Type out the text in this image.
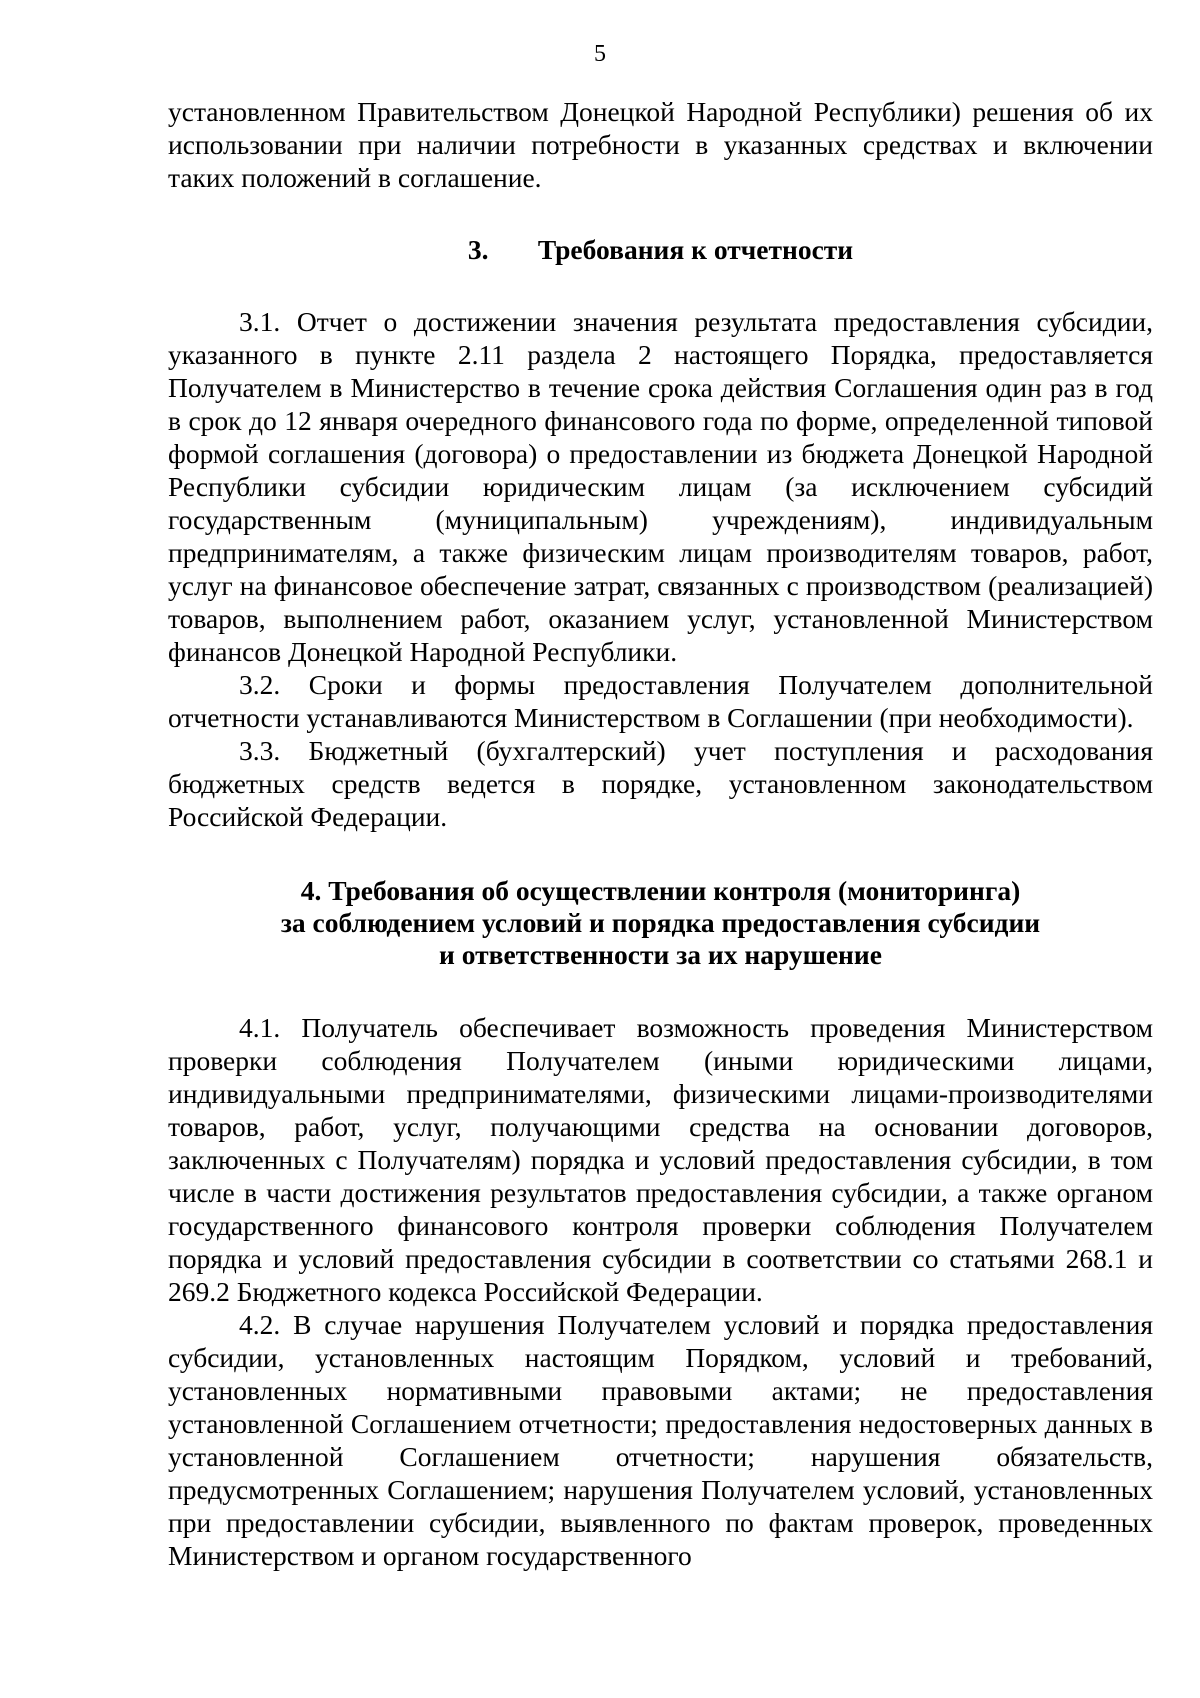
5

установленном Правительством Донецкой Народной Республики) решения об их использовании при наличии потребности в указанных средствах и включении таких положений в соглашение.

3. Требования к отчетности

3.1. Отчет о достижении значения результата предоставления субсидии, указанного в пункте 2.11 раздела 2 настоящего Порядка, предоставляется Получателем в Министерство в течение срока действия Соглашения один раз в год в срок до 12 января очередного финансового года по форме, определенной типовой формой соглашения (договора) о предоставлении из бюджета Донецкой Народной Республики субсидии юридическим лицам (за исключением субсидий государственным (муниципальным) учреждениям), индивидуальным предпринимателям, а также физическим лицам производителям товаров, работ, услуг на финансовое обеспечение затрат, связанных с производством (реализацией) товаров, выполнением работ, оказанием услуг, установленной Министерством финансов Донецкой Народной Республики.

3.2. Сроки и формы предоставления Получателем дополнительной отчетности устанавливаются Министерством в Соглашении (при необходимости).

3.3. Бюджетный (бухгалтерский) учет поступления и расходования бюджетных средств ведется в порядке, установленном законодательством Российской Федерации.

4. Требования об осуществлении контроля (мониторинга)
за соблюдением условий и порядка предоставления субсидии
и ответственности за их нарушение

4.1. Получатель обеспечивает возможность проведения Министерством проверки соблюдения Получателем (иными юридическими лицами, индивидуальными предпринимателями, физическими лицами-производителями товаров, работ, услуг, получающими средства на основании договоров, заключенных с Получателям) порядка и условий предоставления субсидии, в том числе в части достижения результатов предоставления субсидии, а также органом государственного финансового контроля проверки соблюдения Получателем порядка и условий предоставления субсидии в соответствии со статьями 268.1 и 269.2 Бюджетного кодекса Российской Федерации.

4.2. В случае нарушения Получателем условий и порядка предоставления субсидии, установленных настоящим Порядком, условий и требований, установленных нормативными правовыми актами; не предоставления установленной Соглашением отчетности; предоставления недостоверных данных в установленной Соглашением отчетности; нарушения обязательств, предусмотренных Соглашением; нарушения Получателем условий, установленных при предоставлении субсидии, выявленного по фактам проверок, проведенных Министерством и органом государственного
